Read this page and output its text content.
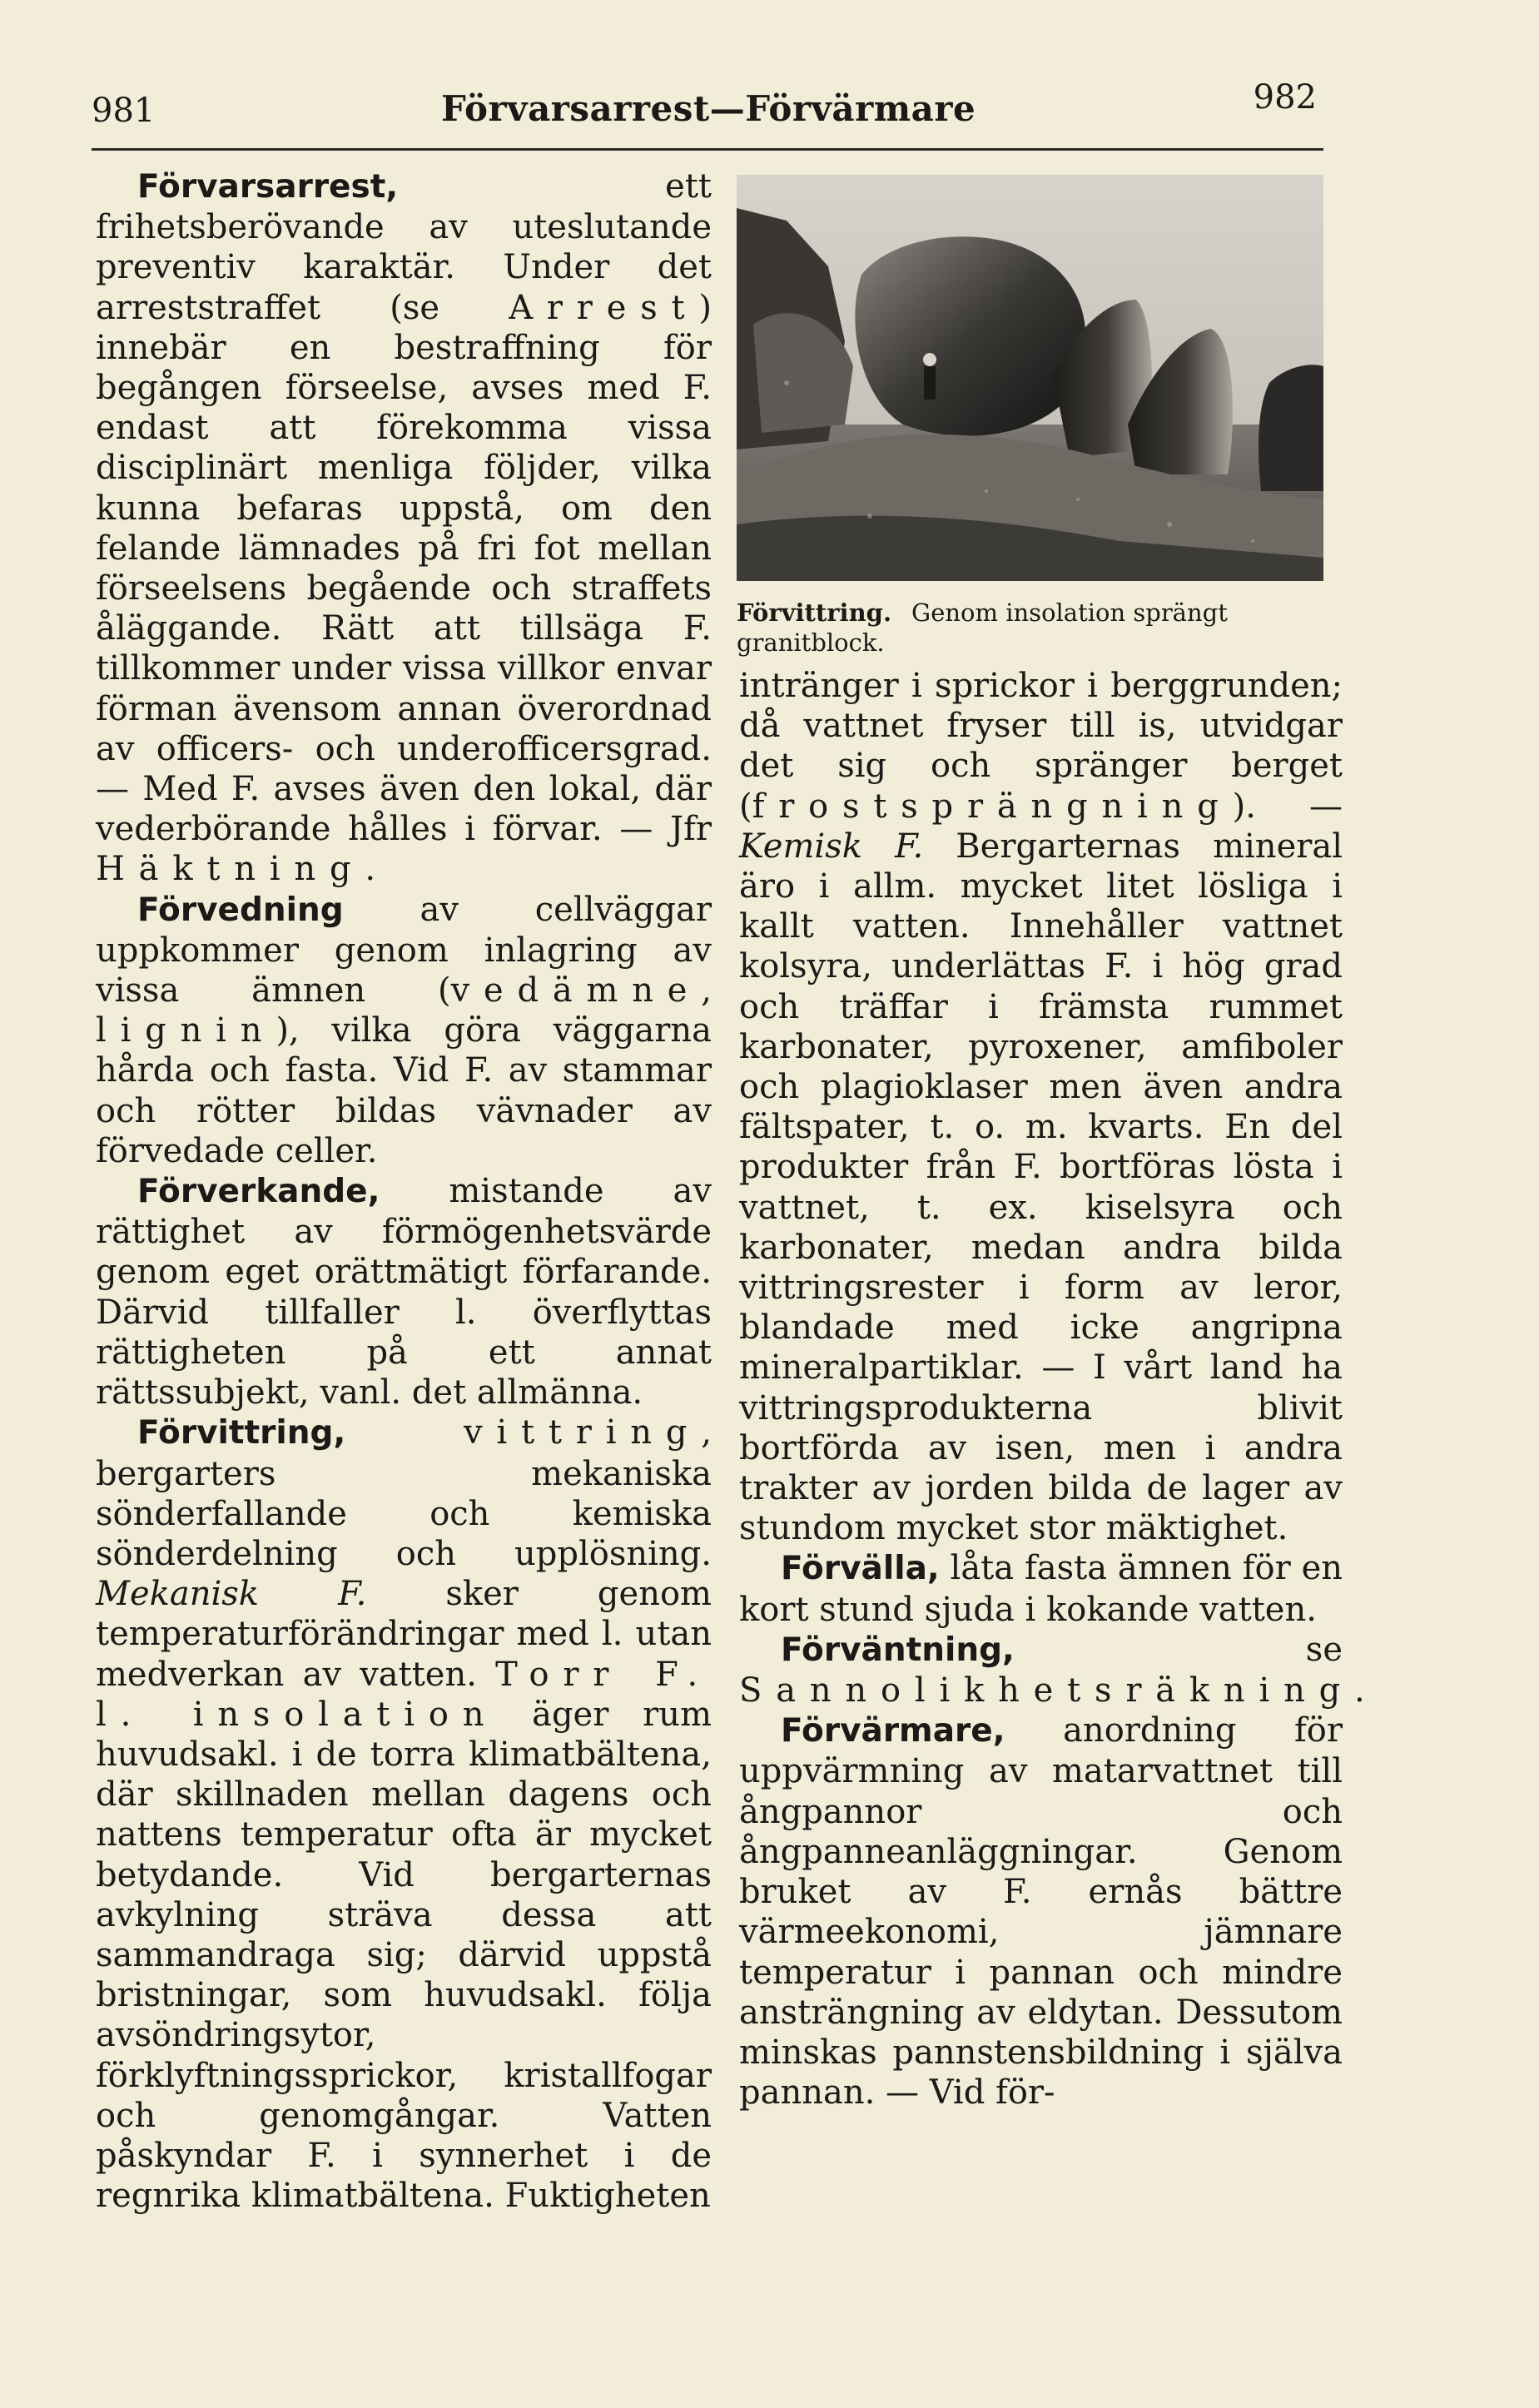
981	Förvarsarrest—Förvärmare	982

Förvarsarrest, ett frihetsberövande av uteslutande preventiv karaktär. Under det arreststraffet (se Arrest) innebär en bestraffning för begången förseelse, avses med F. endast att förekomma vissa disciplinärt menliga följder, vilka kunna befaras uppstå, om den felande lämnades på fri fot mellan förseelsens begående och straffets åläggande. Rätt att tillsäga F. tillkommer under vissa villkor envar förman ävensom annan överordnad av officers- och underofficersgrad. — Med F. avses även den lokal, där vederbörande hålles i förvar. — Jfr Häktning.

Förvedning av cellväggar uppkommer genom inlagring av vissa ämnen (vedämne, lignin), vilka göra väggarna hårda och fasta. Vid F. av stammar och rötter bildas vävnader av förvedade celler.

Förverkande, mistande av rättighet av förmögenhetsvärde genom eget orättmätigt förfarande. Därvid tillfaller l. överflyttas rättigheten på ett annat rättssubjekt, vanl. det allmänna.

Förvittring,	vittring, bergarters mekaniska sönderfallande och kemiska sönderdelning och upplösning. Mekanisk F. sker genom temperaturförändringar med l. utan medverkan av vatten. Torr F. l. insolation äger rum huvudsakl. i de torra klimatbältena, där skillnaden mellan dagens och nattens temperatur ofta är mycket betydande. Vid bergarternas avkylning sträva dessa att sammandraga sig; därvid uppstå bristningar, som huvudsakl. följa avsöndringsytor, förklyftningssprickor, kristallfogar och genomgångar. Vatten påskyndar F. i synnerhet i de regnrika klimatbältena. Fuktigheten

Förvittring. Genom insolation sprängt granitblock.

intränger i sprickor i berggrunden; då vattnet fryser till is, utvidgar det sig och spränger berget (frostsprängning). — Kemisk F. Bergarternas mineral äro i allm. mycket litet lösliga i kallt vatten. Innehåller vattnet kolsyra, underlättas F. i hög grad och träffar i främsta rummet karbonater, pyroxener, amfiboler och plagioklaser men även andra fältspater, t. o. m. kvarts. En del produkter från F. bortföras lösta i vattnet, t. ex. kiselsyra och karbonater, medan andra bilda vittringsrester i form av leror, blandade med icke angripna mineralpartiklar. — I vårt land ha vittringsprodukterna blivit bortförda av isen, men i andra trakter av jorden bilda de lager av stundom mycket stor mäktighet.

Förvälla, låta fasta ämnen för en kort stund sjuda i kokande vatten.

Förväntning, se Sannolikhetsräkning.

Förvärmare, anordning för uppvärmning av matarvattnet till ångpannor och ångpanneanläggningar. Genom bruket av F. ernås bättre värmeekonomi, jämnare temperatur i pannan och mindre ansträngning av eldytan. Dessutom minskas pannstensbildning i själva pannan. — Vid för-
